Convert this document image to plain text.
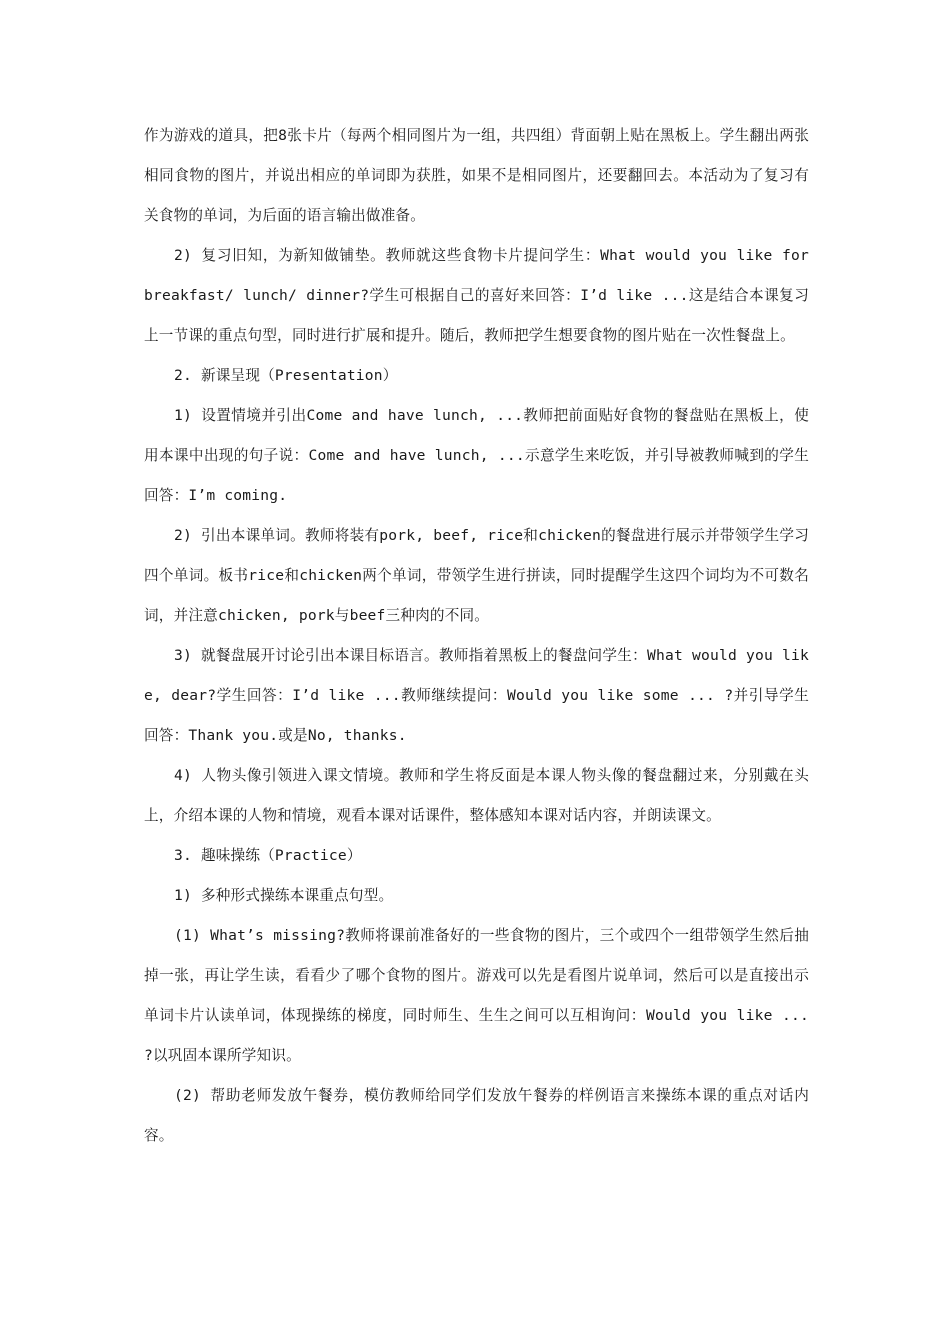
作为游戏的道具，把8张卡片（每两个相同图片为一组，共四组）背面朝上贴在黑板上。学生翻出两张相同食物的图片，并说出相应的单词即为获胜，如果不是相同图片，还要翻回去。本活动为了复习有关食物的单词，为后面的语言输出做准备。

2) 复习旧知，为新知做铺垫。教师就这些食物卡片提问学生：What would you like for breakfast/ lunch/ dinner?学生可根据自己的喜好来回答：I’d like ...这是结合本课复习上一节课的重点句型，同时进行扩展和提升。随后，教师把学生想要食物的图片贴在一次性餐盘上。

2. 新课呈现（Presentation）

1) 设置情境并引出Come and have lunch, ...教师把前面贴好食物的餐盘贴在黑板上，使用本课中出现的句子说：Come and have lunch, ...示意学生来吃饭，并引导被教师喊到的学生回答：I’m coming.

2) 引出本课单词。教师将装有pork, beef, rice和chicken的餐盘进行展示并带领学生学习四个单词。板书rice和chicken两个单词，带领学生进行拼读，同时提醒学生这四个词均为不可数名词，并注意chicken, pork与beef三种肉的不同。

3) 就餐盘展开讨论引出本课目标语言。教师指着黑板上的餐盘问学生：What would you like, dear?学生回答：I’d like ...教师继续提问：Would you like some ... ?并引导学生回答：Thank you.或是No, thanks.

4) 人物头像引领进入课文情境。教师和学生将反面是本课人物头像的餐盘翻过来，分别戴在头上，介绍本课的人物和情境，观看本课对话课件，整体感知本课对话内容，并朗读课文。

3. 趣味操练（Practice）

1) 多种形式操练本课重点句型。

(1) What’s missing?教师将课前准备好的一些食物的图片，三个或四个一组带领学生然后抽掉一张，再让学生读，看看少了哪个食物的图片。游戏可以先是看图片说单词，然后可以是直接出示单词卡片认读单词，体现操练的梯度，同时师生、生生之间可以互相询问：Would you like ... ?以巩固本课所学知识。

(2) 帮助老师发放午餐券，模仿教师给同学们发放午餐券的样例语言来操练本课的重点对话内容。
